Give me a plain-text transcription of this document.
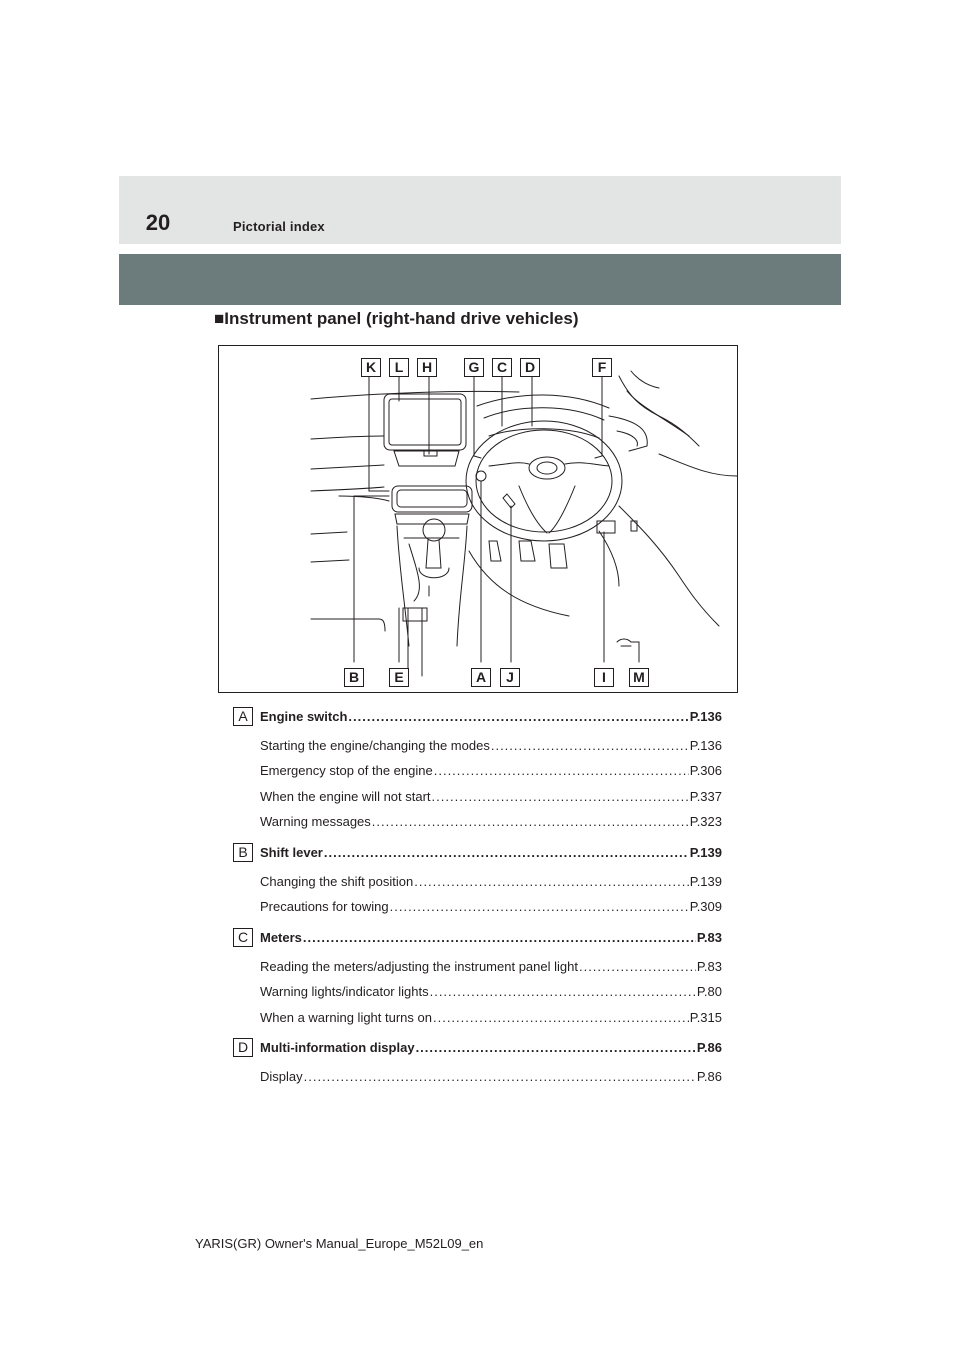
20	Pictorial index
■Instrument panel (right-hand drive vehicles)
K	L	H	G	C	D	F
B	E	A	J	I	M
A Engine switch .....	P.136
Starting the engine/changing the modes .....	P.136
Emergency stop of the engine .....	P.306
When the engine will not start .....	P.337
Warning messages .....	P.323
B Shift lever .....	P.139
Changing the shift position .....	P.139
Precautions for towing .....	P.309
C Meters .....	P.83
Reading the meters/adjusting the instrument panel light .....	P.83
Warning lights/indicator lights .....	P.80
When a warning light turns on .....	P.315
D Multi-information display .....	P.86
Display .....	P.86
YARIS(GR) Owner's Manual_Europe_M52L09_en
